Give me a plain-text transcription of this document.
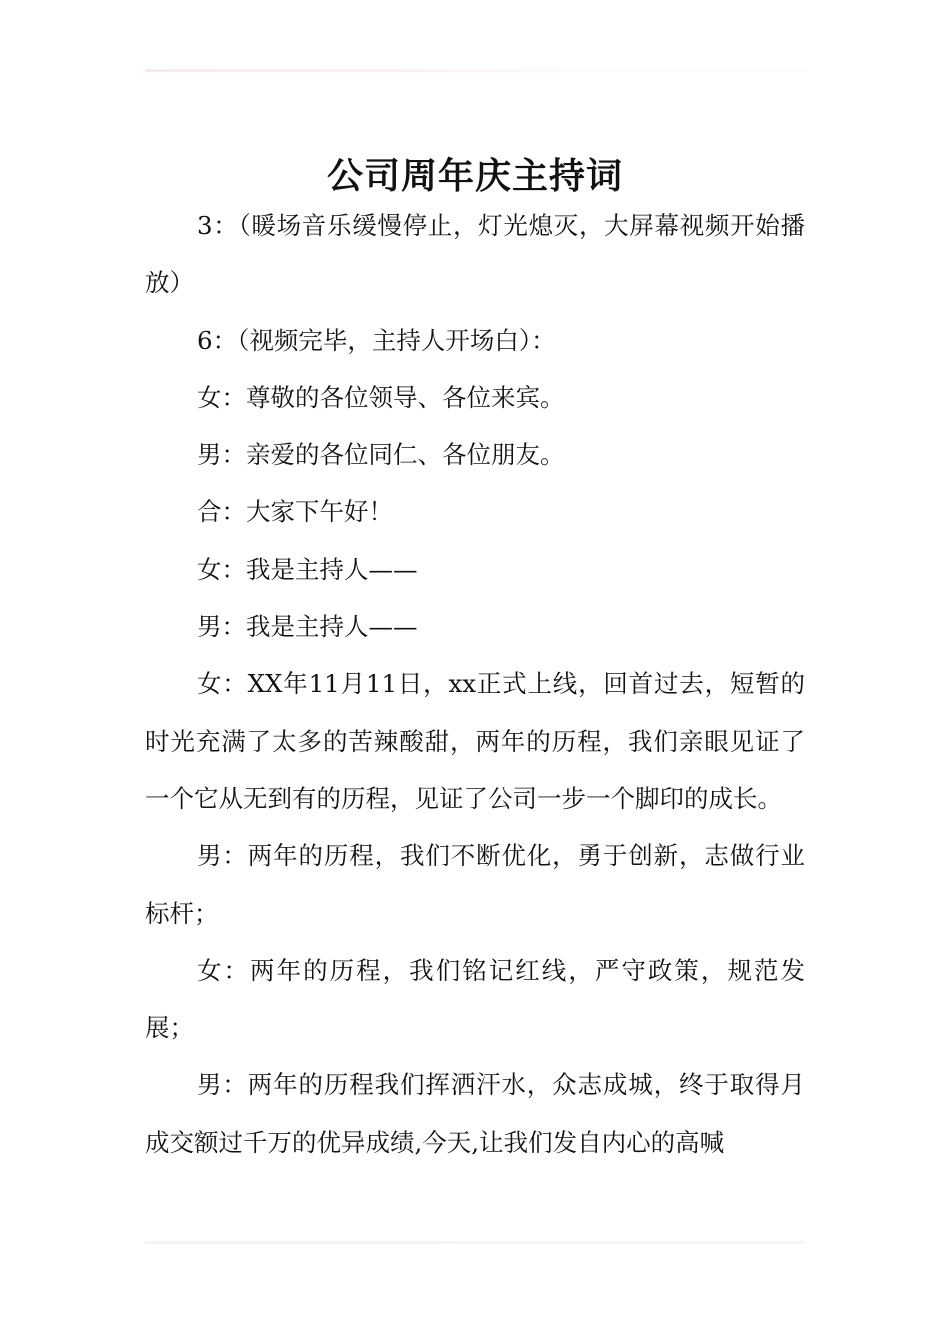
公司周年庆主持词

3：（暖场音乐缓慢停止，灯光熄灭，大屏幕视频开始播放）

6：（视频完毕，主持人开场白）：

女：尊敬的各位领导、各位来宾。

男：亲爱的各位同仁、各位朋友。

合：大家下午好！

女：我是主持人——

男：我是主持人——

女：XX年11月11日，xx正式上线，回首过去，短暂的时光充满了太多的苦辣酸甜，两年的历程，我们亲眼见证了一个它从无到有的历程，见证了公司一步一个脚印的成长。

男：两年的历程，我们不断优化，勇于创新，志做行业标杆；

女：两年的历程，我们铭记红线，严守政策，规范发展；

男：两年的历程我们挥洒汗水，众志成城，终于取得月成交额过千万的优异成绩,今天,让我们发自内心的高喊
